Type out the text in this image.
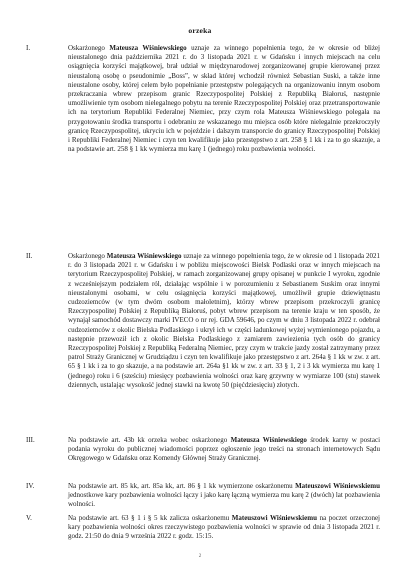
orzeka
I.	Oskarżonego Mateusza Wiśniewskiego uznaje za winnego popełnienia tego, że w okresie od bliżej nieustalonego dnia października 2021 r. do 3 listopada 2021 r. w Gdańsku i innych miejscach na celu osiągnięcia korzyści majątkowej, brał udział w międzynarodowej zorganizowanej grupie kierowanej przez nieustaloną osobę o pseudonimie „Boss”, w skład której wchodził również Sebastian Suski, a także inne nieustalone osoby, której celem było popełnianie przestępstw polegających na organizowaniu innym osobom przekraczania wbrew przepisom granic Rzeczypospolitej Polskiej z Republiką Białoruś, następnie umożliwienie tym osobom nielegalnego pobytu na terenie Rzeczypospolitej Polskiej oraz przetransportowanie ich na terytorium Republiki Federalnej Niemiec, przy czym rola Mateusza Wiśniewskiego polegała na przygotowaniu środka transportu i odebraniu ze wskazanego mu miejsca osób które nielegalnie przekroczyły granicę Rzeczypospolitej, ukryciu ich w pojeździe i dalszym transporcie do granicy Rzeczypospolitej Polskiej i Republiki Federalnej Niemiec i czyn ten kwalifikuje jako przestępstwo z art. 258 § 1 kk i za to go skazuje, a na podstawie art. 258 § 1 kk wymierza mu karę 1 (jednego) roku pozbawienia wolności.
II.	Oskarżonego Mateusza Wiśniewskiego uznaje za winnego popełnienia tego, że w okresie od 1 listopada 2021 r. do 3 listopada 2021 r. w Gdańsku i w pobliżu miejscowości Bielsk Podlaski oraz w innych miejscach na terytorium Rzeczypospolitej Polskiej, w ramach zorganizowanej grupy opisanej w punkcie I wyroku, zgodnie z wcześniejszym podziałem ról, działając wspólnie i w porozumieniu z Sebastianem Suskim oraz innymi nieustalonymi osobami, w celu osiągnięcia korzyści majątkowej, umożliwił grupie dziewiętnastu cudzoziemców (w tym dwóm osobom małoletnim), którzy wbrew przepisom przekroczyli granicę Rzeczypospolitej Polskiej z Republiką Białoruś, pobyt wbrew przepisom na terenie kraju w ten sposób, że wynajął samochód dostawczy marki IVECO o nr rej. GDA 59646, po czym w dniu 3 listopada 2022 r. odebrał cudzoziemców z okolic Bielska Podlaskiego i ukrył ich w części ładunkowej wyżej wymienionego pojazdu, a następnie przewoził ich z okolic Bielska Podlaskiego z zamiarem zawiezienia tych osób do granicy Rzeczypospolitej Polskiej z Republiką Federalną Niemiec, przy czym w trakcie jazdy został zatrzymany przez patrol Straży Granicznej w Grudziądzu i czyn ten kwalifikuje jako przestępstwo z art. 264a § 1 kk w zw. z art. 65 § 1 kk i za to go skazuje, a na podstawie art. 264a §1 kk w zw. z art. 33 § 1, 2 i 3 kk wymierza mu karę 1 (jednego) roku i 6 (sześciu) miesięcy pozbawienia wolności oraz karę grzywny w wymiarze 100 (stu) stawek dziennych, ustalając wysokość jednej stawki na kwotę 50 (pięćdziesięciu) złotych.
III.	Na podstawie art. 43b kk orzeka wobec oskarżonego Mateusza Wiśniewskiego środek karny w postaci podania wyroku do publicznej wiadomości poprzez ogłoszenie jego treści na stronach internetowych Sądu Okręgowego w Gdańsku oraz Komendy Głównej Straży Granicznej.
IV.	Na podstawie art. 85 kk, art. 85a kk, art. 86 § 1 kk wymierzone oskarżonemu Mateuszowi Wiśniewskiemu jednostkowe kary pozbawienia wolności łączy i jako karę łączną wymierza mu karę 2 (dwóch) lat pozbawienia wolności.
V.	Na podstawie art. 63 § 1 i § 5 kk zalicza oskarżonemu Mateuszowi Wiśniewskiemu na poczet orzeczonej kary pozbawienia wolności okres rzeczywistego pozbawienia wolności w sprawie od dnia 3 listopada 2021 r. godz. 21:50 do dnia 9 września 2022 r. godz. 15:15.
2
